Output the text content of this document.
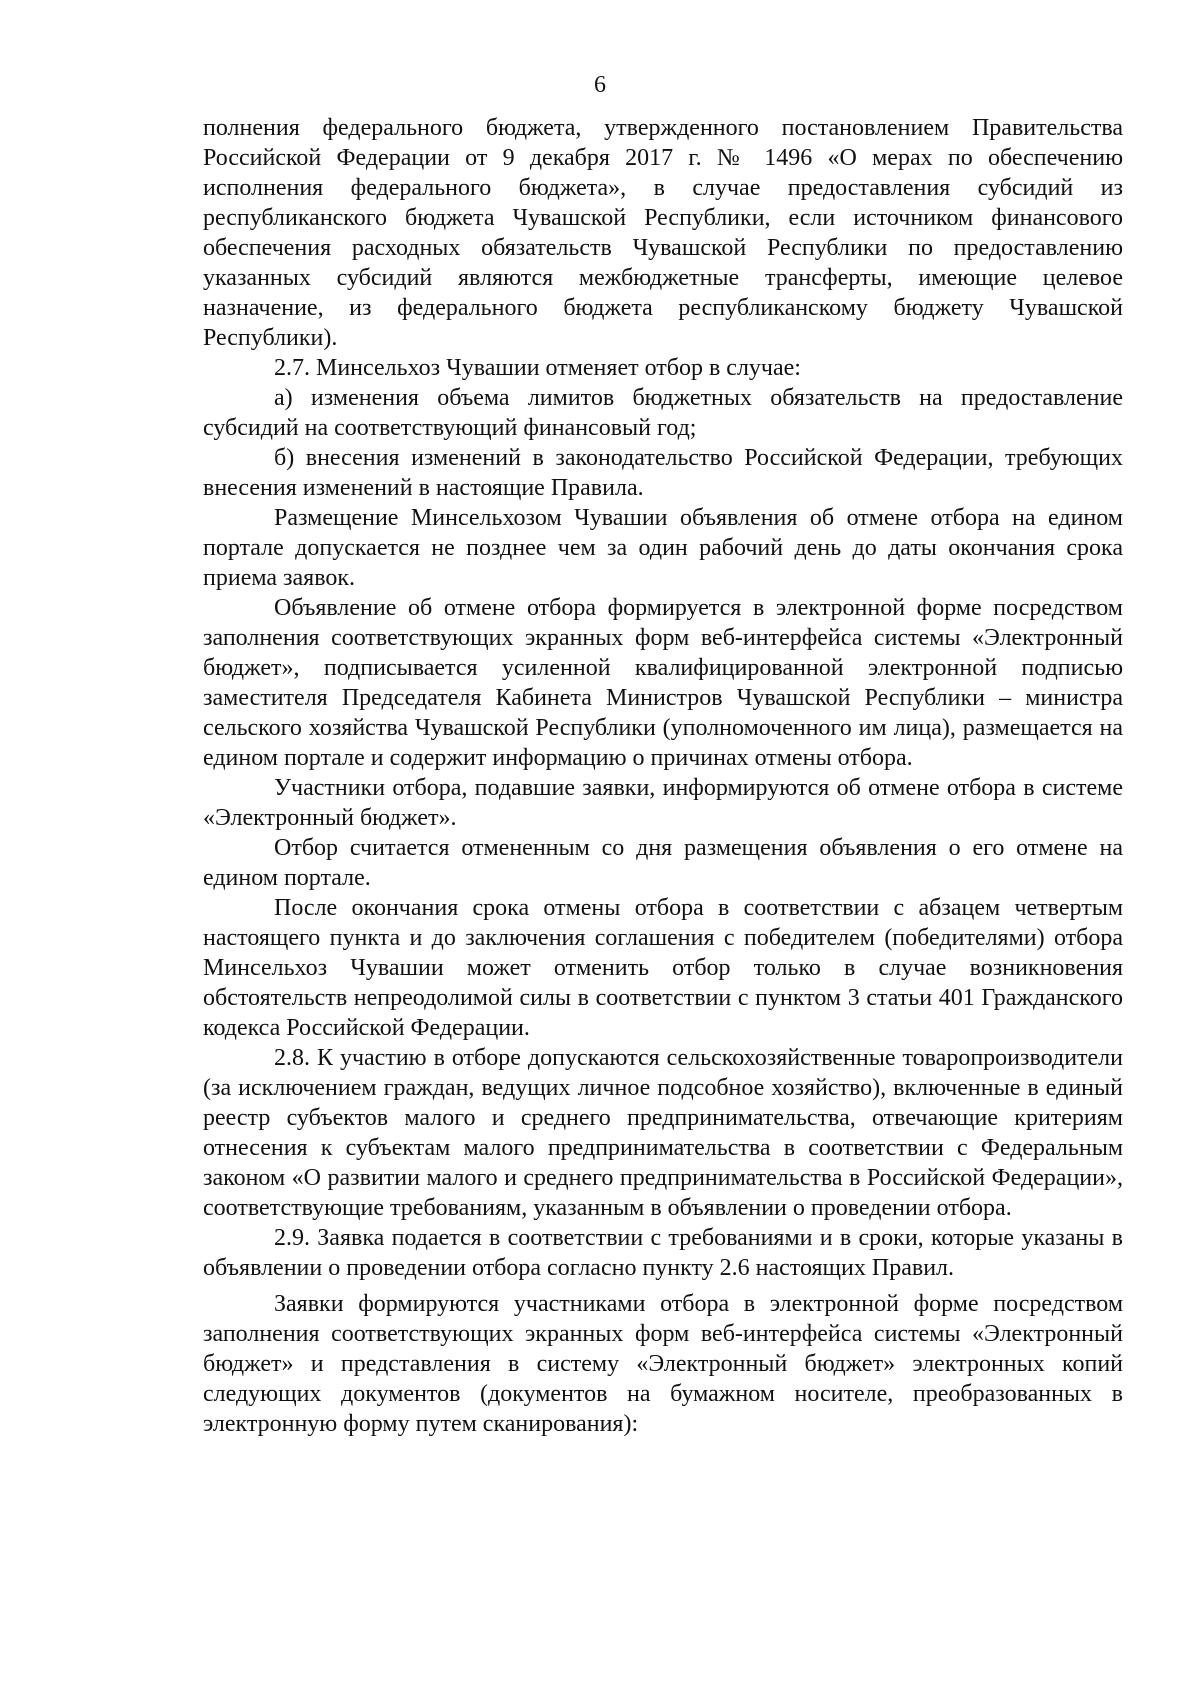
6

полнения федерального бюджета, утвержденного постановлением Правительства Российской Федерации от 9 декабря 2017 г. № 1496 «О мерах по обеспечению исполнения федерального бюджета», в случае предоставления субсидий из республиканского бюджета Чувашской Республики, если источником финансового обеспечения расходных обязательств Чувашской Республики по предоставлению указанных субсидий являются межбюджетные трансферты, имеющие целевое назначение, из федерального бюджета республиканскому бюджету Чувашской Республики).

2.7. Минсельхоз Чувашии отменяет отбор в случае:

а) изменения объема лимитов бюджетных обязательств на предоставление субсидий на соответствующий финансовый год;

б) внесения изменений в законодательство Российской Федерации, требующих внесения изменений в настоящие Правила.

Размещение Минсельхозом Чувашии объявления об отмене отбора на едином портале допускается не позднее чем за один рабочий день до даты окончания срока приема заявок.

Объявление об отмене отбора формируется в электронной форме посредством заполнения соответствующих экранных форм веб-интерфейса системы «Электронный бюджет», подписывается усиленной квалифицированной электронной подписью заместителя Председателя Кабинета Министров Чувашской Республики – министра сельского хозяйства Чувашской Республики (уполномоченного им лица), размещается на едином портале и содержит информацию о причинах отмены отбора.

Участники отбора, подавшие заявки, информируются об отмене отбора в системе «Электронный бюджет».

Отбор считается отмененным со дня размещения объявления о его отмене на едином портале.

После окончания срока отмены отбора в соответствии с абзацем четвертым настоящего пункта и до заключения соглашения с победителем (победителями) отбора Минсельхоз Чувашии может отменить отбор только в случае возникновения обстоятельств непреодолимой силы в соответствии с пунктом 3 статьи 401 Гражданского кодекса Российской Федерации.

2.8. К участию в отборе допускаются сельскохозяйственные товаропроизводители (за исключением граждан, ведущих личное подсобное хозяйство), включенные в единый реестр субъектов малого и среднего предпринимательства, отвечающие критериям отнесения к субъектам малого предпринимательства в соответствии с Федеральным законом «О развитии малого и среднего предпринимательства в Российской Федерации», соответствующие требованиям, указанным в объявлении о проведении отбора.

2.9. Заявка подается в соответствии с требованиями и в сроки, которые указаны в объявлении о проведении отбора согласно пункту 2.6 настоящих Правил.

Заявки формируются участниками отбора в электронной форме посредством заполнения соответствующих экранных форм веб-интерфейса системы «Электронный бюджет» и представления в систему «Электронный бюджет» электронных копий следующих документов (документов на бумажном носителе, преобразованных в электронную форму путем сканирования):
